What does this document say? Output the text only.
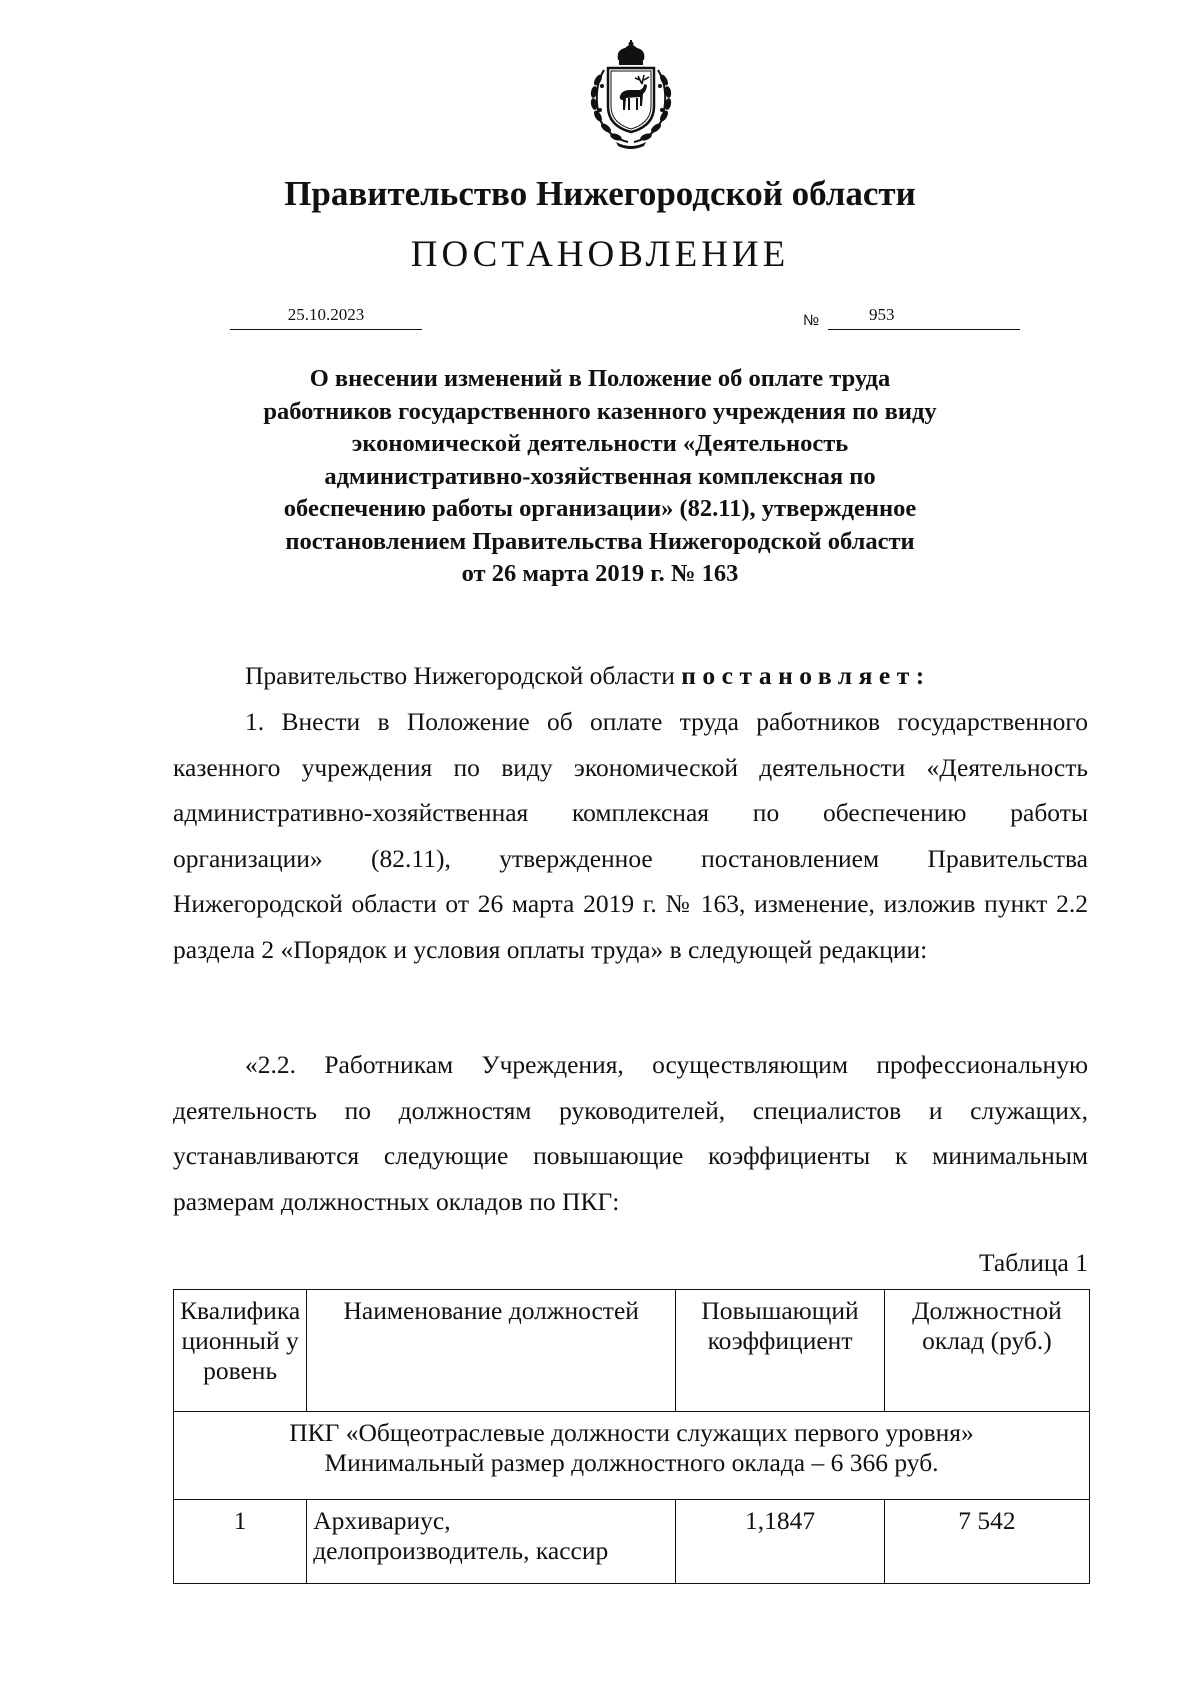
Правительство Нижегородской области
ПОСТАНОВЛЕНИЕ
25.10.2023	№	953
О внесении изменений в Положение об оплате труда
работников государственного казенного учреждения по виду
экономической деятельности «Деятельность
административно-хозяйственная комплексная по
обеспечению работы организации» (82.11), утвержденное
постановлением Правительства Нижегородской области
от 26 марта 2019 г. № 163
Правительство Нижегородской области постановляет:
1. Внести в Положение об оплате труда работников государственного казенного учреждения по виду экономической деятельности «Деятельность административно-хозяйственная комплексная по обеспечению работы организации» (82.11), утвержденное постановлением Правительства Нижегородской области от 26 марта 2019 г. № 163, изменение, изложив пункт 2.2 раздела 2 «Порядок и условия оплаты труда» в следующей редакции:
«2.2. Работникам Учреждения, осуществляющим профессиональную деятельность по должностям руководителей, специалистов и служащих, устанавливаются следующие повышающие коэффициенты к минимальным размерам должностных окладов по ПКГ:
Таблица 1
Квалификационный уровень	Наименование должностей	Повышающий коэффициент	Должностной оклад (руб.)

ПКГ «Общеотраслевые должности служащих первого уровня»
Минимальный размер должностного оклада – 6 366 руб.			

1	Архивариус, делопроизводитель, кассир	1,1847	7 542
